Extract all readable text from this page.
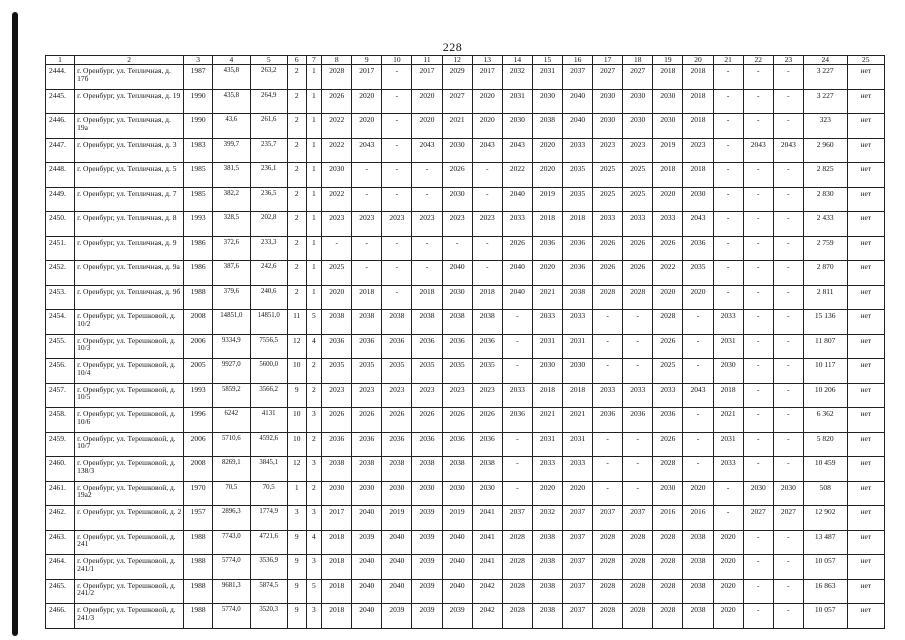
228
1	2	3	4	5	6	7	8	9	10	11	12	13	14	15	16	17	18	19	20	21	22	23	24	25
2444.	г. Оренбург, ул. Тепличная, д. 17б	1987	435,8	263,2	2	1	2028	2017	-	2017	2029	2017	2032	2031	2037	2027	2027	2018	2018	-	-	-	3 227	нет
2445.	г. Оренбург, ул. Тепличная, д. 19	1990	435,8	264,9	2	1	2026	2020	-	2020	2027	2020	2031	2030	2040	2030	2030	2030	2018	-	-	-	3 227	нет
2446.	г. Оренбург, ул. Тепличная, д. 19а	1990	43,6	261,6	2	1	2022	2020	-	2020	2021	2020	2030	2038	2040	2030	2030	2030	2018	-	-	-	323	нет
2447.	г. Оренбург, ул. Тепличная, д. 3	1983	399,7	235,7	2	1	2022	2043	-	2043	2030	2043	2043	2020	2033	2023	2023	2019	2023	-	2043	2043	2 960	нет
2448.	г. Оренбург, ул. Тепличная, д. 5	1985	381,5	236,1	2	1	2030	-	-	-	2026	-	2022	2020	2035	2025	2025	2018	2018	-	-	-	2 825	нет
2449.	г. Оренбург, ул. Тепличная, д. 7	1985	382,2	236,5	2	1	2022	-	-	-	2030	-	2040	2019	2035	2025	2025	2020	2030	-	-	-	2 830	нет
2450.	г. Оренбург, ул. Тепличная, д. 8	1993	328,5	202,8	2	1	2023	2023	2023	2023	2023	2023	2033	2018	2018	2033	2033	2033	2043	-	-	-	2 433	нет
2451.	г. Оренбург, ул. Тепличная, д. 9	1986	372,6	233,3	2	1	-	-	-	-	-	-	2026	2036	2036	2026	2026	2026	2036	-	-	-	2 759	нет
2452.	г. Оренбург, ул. Тепличная, д. 9а	1986	387,6	242,6	2	1	2025	-	-	-	2040	-	2040	2020	2036	2026	2026	2022	2035	-	-	-	2 870	нет
2453.	г. Оренбург, ул. Тепличная, д. 9б	1988	379,6	240,6	2	1	2020	2018	-	2018	2030	2018	2040	2021	2038	2028	2028	2020	2020	-	-	-	2 811	нет
2454.	г. Оренбург, ул. Терешковой, д. 10/2	2008	14851,0	14851,0	11	5	2038	2038	2038	2038	2038	2038	-	2033	2033	-	-	2028	-	2033	-	-	15 136	нет
2455.	г. Оренбург, ул. Терешковой, д. 10/3	2006	9334,9	7556,5	12	4	2036	2036	2036	2036	2036	2036	-	2031	2031	-	-	2026	-	2031	-	-	11 807	нет
2456.	г. Оренбург, ул. Терешковой, д. 10/4	2005	9927,0	5600,0	10	2	2035	2035	2035	2035	2035	2035	-	2030	2030	-	-	2025	-	2030	-	-	10 117	нет
2457.	г. Оренбург, ул. Терешковой, д. 10/5	1993	5859,2	3566,2	9	2	2023	2023	2023	2023	2023	2023	2033	2018	2018	2033	2033	2033	2043	2018	-	-	10 206	нет
2458.	г. Оренбург, ул. Терешковой, д. 10/6	1996	6242	4131	10	3	2026	2026	2026	2026	2026	2026	2036	2021	2021	2036	2036	2036	-	2021	-	-	6 362	нет
2459.	г. Оренбург, ул. Терешковой, д. 10/7	2006	5710,6	4592,6	10	2	2036	2036	2036	2036	2036	2036	-	2031	2031	-	-	2026	-	2031	-	-	5 820	нет
2460.	г. Оренбург, ул. Терешковой, д. 138/3	2008	8269,1	3845,1	12	3	2038	2038	2038	2038	2038	2038	-	2033	2033	-	-	2028	-	2033	-	-	10 459	нет
2461.	г. Оренбург, ул. Терешковой, д. 19а2	1970	70,5	70,5	1	2	2030	2030	2030	2030	2030	2030	-	2020	2020	-	-	2030	2020	-	2030	2030	508	нет
2462.	г. Оренбург, ул. Терешковой, д. 2	1957	2896,3	1774,9	3	3	2017	2040	2019	2039	2019	2041	2037	2032	2037	2037	2037	2016	2016	-	2027	2027	12 902	нет
2463.	г. Оренбург, ул. Терешковой, д. 241	1988	7743,0	4721,6	9	4	2018	2039	2040	2039	2040	2041	2028	2038	2037	2028	2028	2028	2038	2020	-	-	13 487	нет
2464.	г. Оренбург, ул. Терешковой, д. 241/1	1988	5774,0	3536,9	9	3	2018	2040	2040	2039	2040	2041	2028	2038	2037	2028	2028	2028	2038	2020	-	-	10 057	нет
2465.	г. Оренбург, ул. Терешковой, д. 241/2	1988	9681,3	5874,5	9	5	2018	2040	2040	2039	2040	2042	2028	2038	2037	2028	2028	2028	2038	2020	-	-	16 863	нет
2466.	г. Оренбург, ул. Терешковой, д. 241/3	1988	5774,0	3520,3	9	3	2018	2040	2039	2039	2039	2042	2028	2038	2037	2028	2028	2028	2038	2020	-	-	10 057	нет
